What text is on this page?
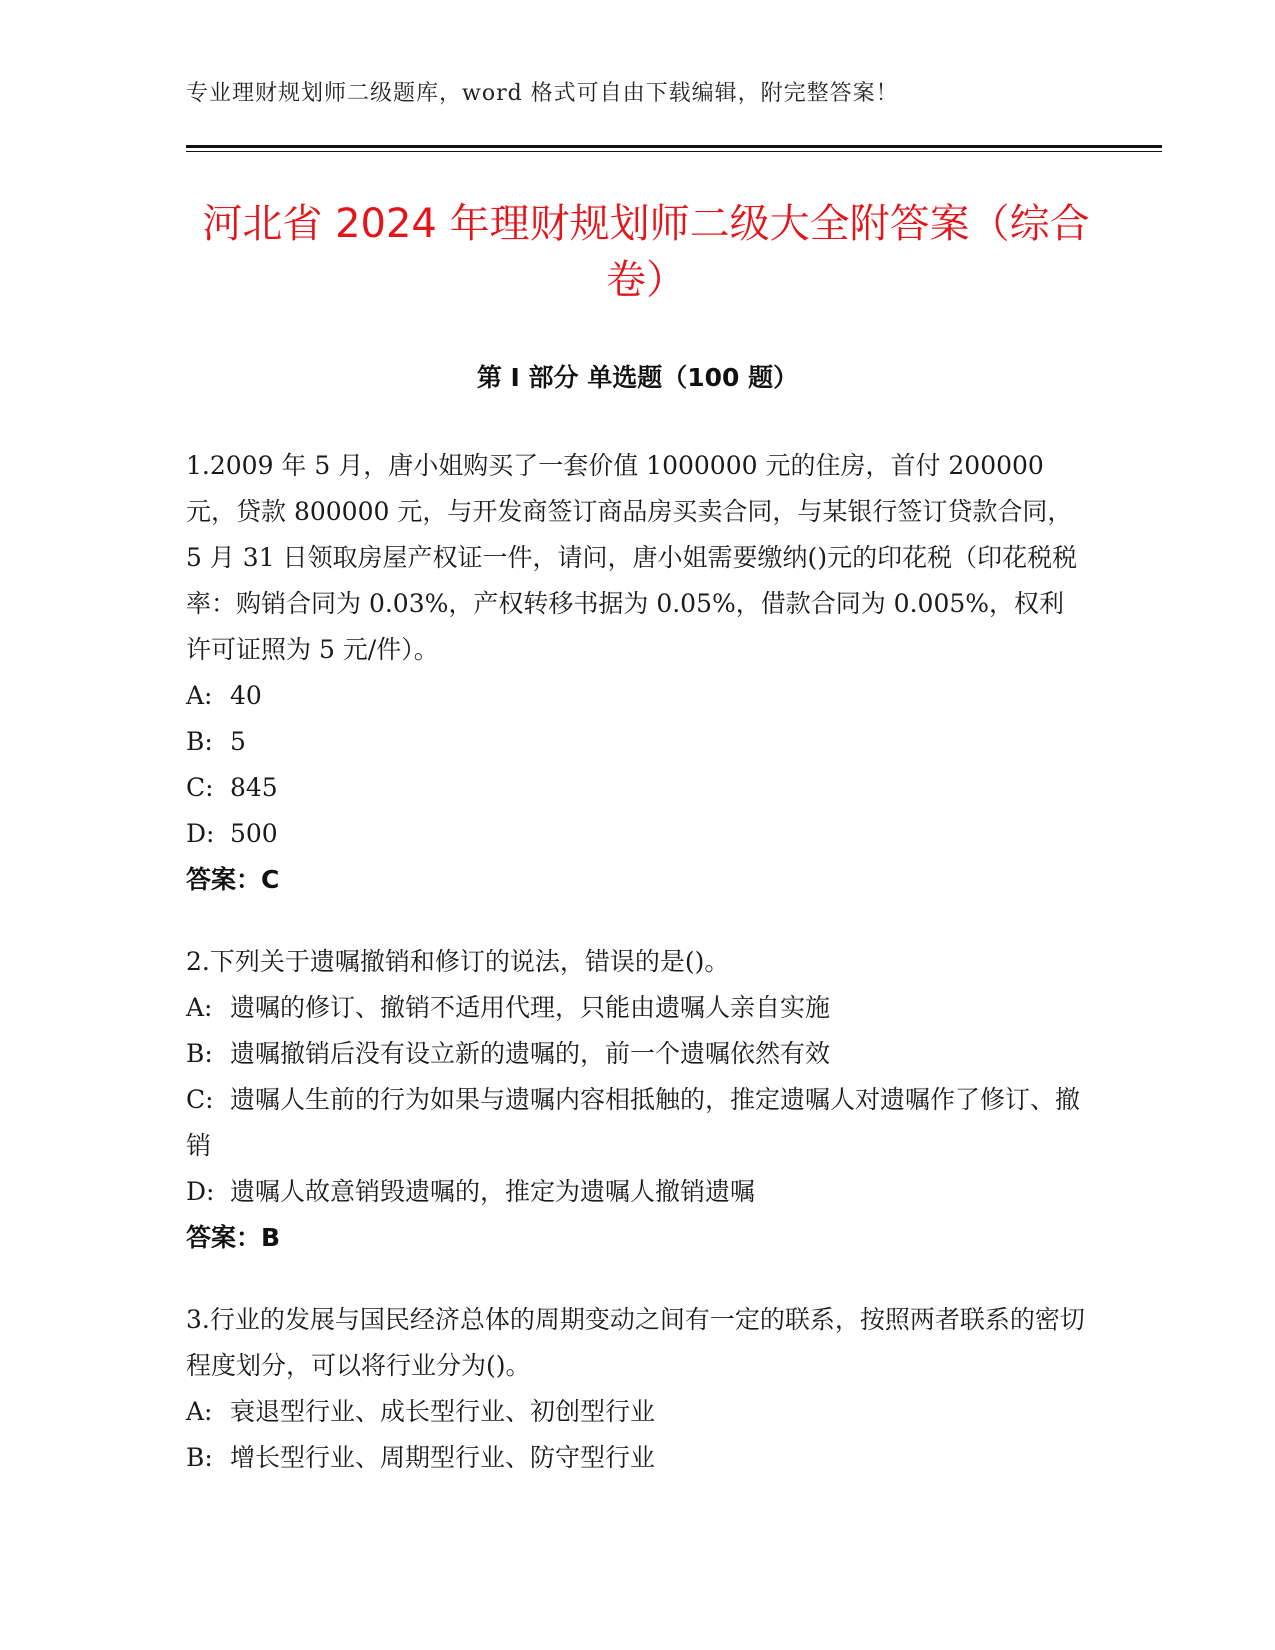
专业理财规划师二级题库，word 格式可自由下载编辑，附完整答案！
河北省 2024 年理财规划师二级大全附答案（综合卷）
第 I 部分 单选题（100 题）

1.2009 年 5 月，唐小姐购买了一套价值 1000000 元的住房，首付 200000 元，贷款 800000 元，与开发商签订商品房买卖合同，与某银行签订贷款合同，5 月 31 日领取房屋产权证一件，请问，唐小姐需要缴纳()元的印花税（印花税税率：购销合同为 0.03%，产权转移书据为 0.05%，借款合同为 0.005%，权利许可证照为 5 元/件）。

A: 40

B: 5

C: 845

D: 500

答案：C

2.下列关于遗嘱撤销和修订的说法，错误的是()。

A: 遗嘱的修订、撤销不适用代理，只能由遗嘱人亲自实施

B: 遗嘱撤销后没有设立新的遗嘱的，前一个遗嘱依然有效

C: 遗嘱人生前的行为如果与遗嘱内容相抵触的，推定遗嘱人对遗嘱作了修订、撤销

D: 遗嘱人故意销毁遗嘱的，推定为遗嘱人撤销遗嘱

答案：B

3.行业的发展与国民经济总体的周期变动之间有一定的联系，按照两者联系的密切程度划分，可以将行业分为()。

A: 衰退型行业、成长型行业、初创型行业

B: 增长型行业、周期型行业、防守型行业
